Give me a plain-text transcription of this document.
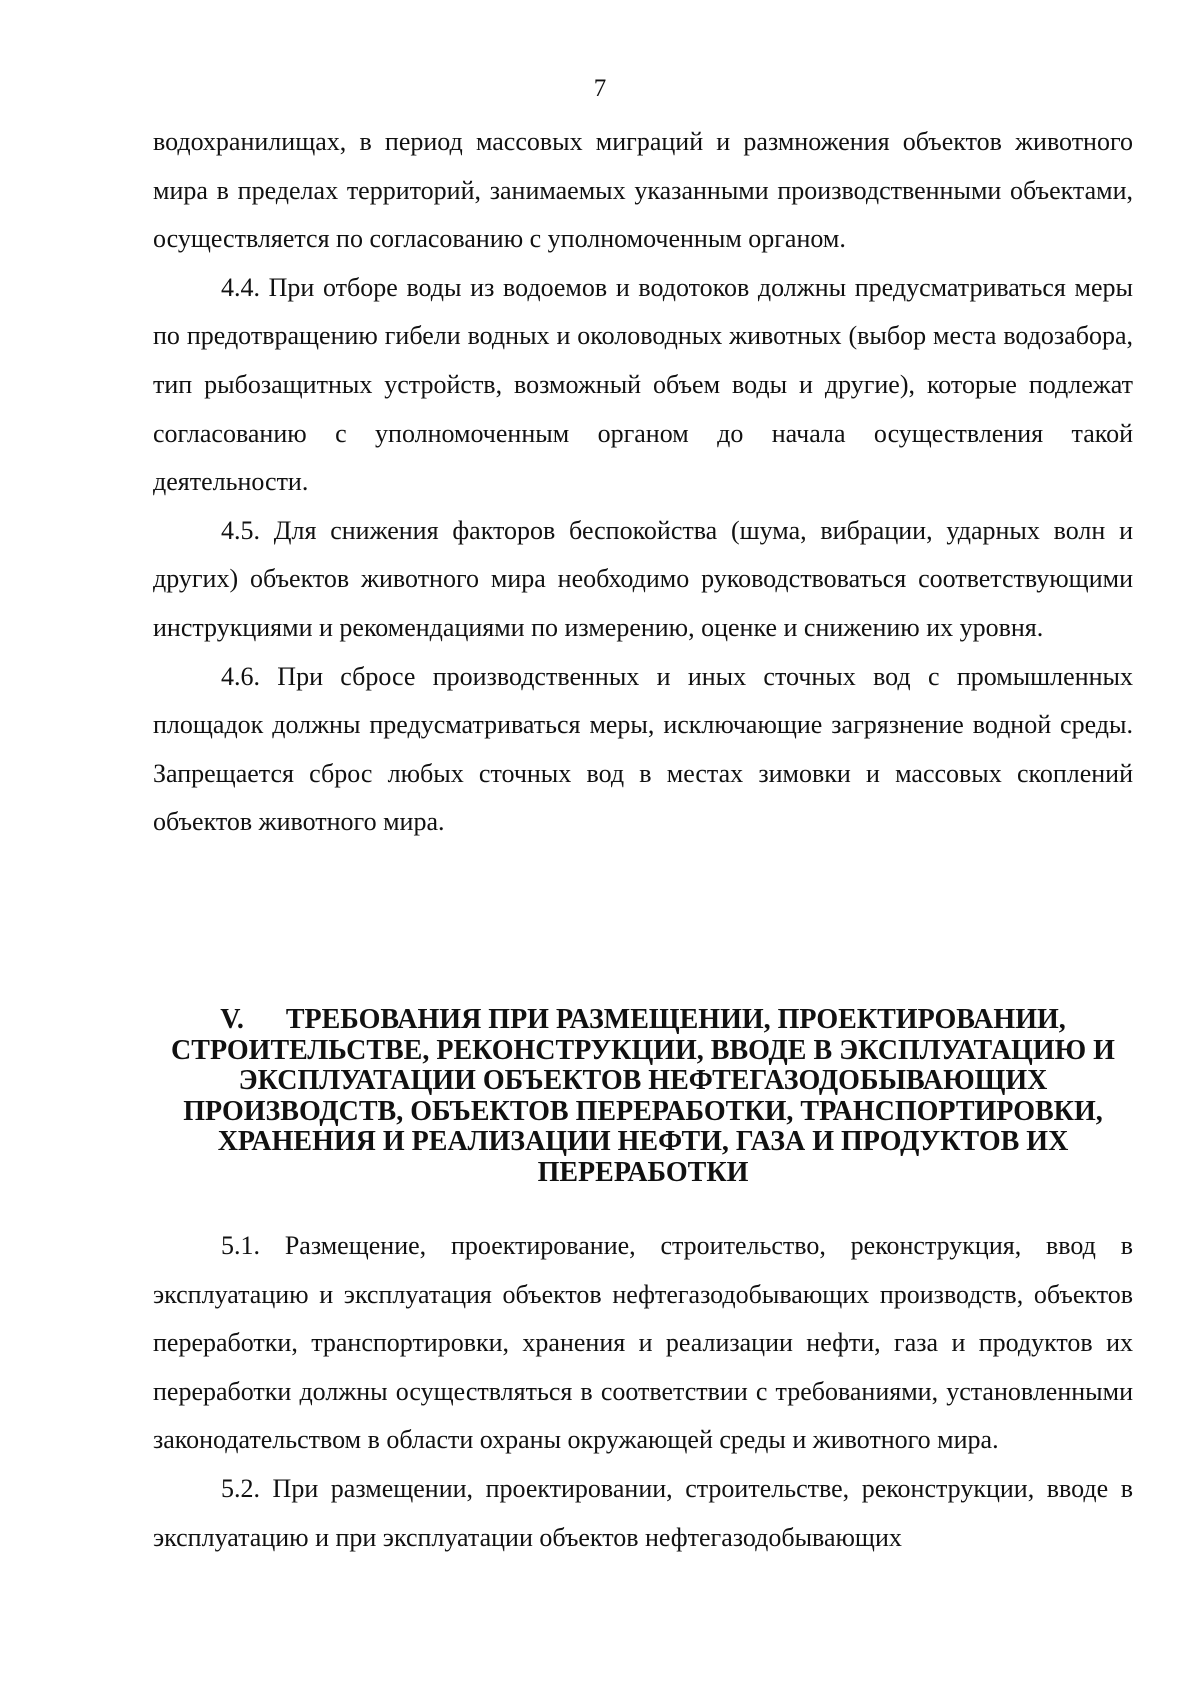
7

водохранилищах, в период массовых миграций и размножения объектов животного мира в пределах территорий, занимаемых указанными производственными объектами, осуществляется по согласованию с уполномоченным органом.

4.4. При отборе воды из водоемов и водотоков должны предусматриваться меры по предотвращению гибели водных и околоводных животных (выбор места водозабора, тип рыбозащитных устройств, возможный объем воды и другие), которые подлежат согласованию с уполномоченным органом до начала осуществления такой деятельности.

4.5. Для снижения факторов беспокойства (шума, вибрации, ударных волн и других) объектов животного мира необходимо руководствоваться соответствующими инструкциями и рекомендациями по измерению, оценке и снижению их уровня.

4.6. При сбросе производственных и иных сточных вод с промышленных площадок должны предусматриваться меры, исключающие загрязнение водной среды. Запрещается сброс любых сточных вод в местах зимовки и массовых скоплений объектов животного мира.

V. ТРЕБОВАНИЯ ПРИ РАЗМЕЩЕНИИ, ПРОЕКТИРОВАНИИ, СТРОИТЕЛЬСТВЕ, РЕКОНСТРУКЦИИ, ВВОДЕ В ЭКСПЛУАТАЦИЮ И ЭКСПЛУАТАЦИИ ОБЪЕКТОВ НЕФТЕГАЗОДОБЫВАЮЩИХ ПРОИЗВОДСТВ, ОБЪЕКТОВ ПЕРЕРАБОТКИ, ТРАНСПОРТИРОВКИ, ХРАНЕНИЯ И РЕАЛИЗАЦИИ НЕФТИ, ГАЗА И ПРОДУКТОВ ИХ ПЕРЕРАБОТКИ

5.1. Размещение, проектирование, строительство, реконструкция, ввод в эксплуатацию и эксплуатация объектов нефтегазодобывающих производств, объектов переработки, транспортировки, хранения и реализации нефти, газа и продуктов их переработки должны осуществляться в соответствии с требованиями, установленными законодательством в области охраны окружающей среды и животного мира.

5.2. При размещении, проектировании, строительстве, реконструкции, вводе в эксплуатацию и при эксплуатации объектов нефтегазодобывающих
